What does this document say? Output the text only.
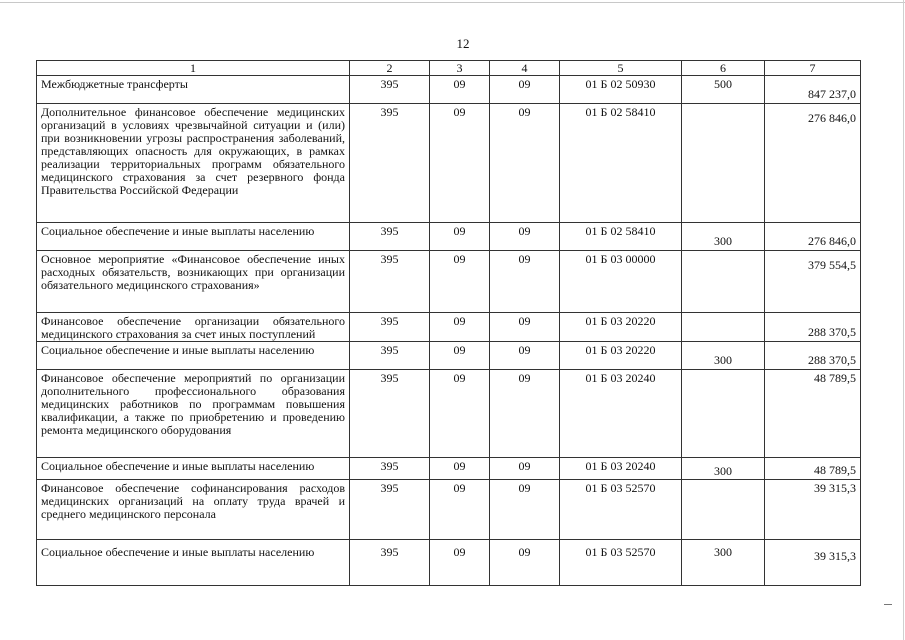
12
1	2	3	4	5	6	7
Межбюджетные трансферты	395	09	09	01 Б 02 50930	500	847 237,0
Дополнительное финансовое обеспечение медицинских организаций в условиях чрезвычайной ситуации и (или) при возникновении угрозы распространения заболеваний, представляющих опасность для окружающих, в рамках реализации территориальных программ обязательного медицинского страхования за счет резервного фонда Правительства Российской Федерации	395	09	09	01 Б 02 58410		276 846,0
Социальное обеспечение и иные выплаты населению	395	09	09	01 Б 02 58410	300	276 846,0
Основное мероприятие «Финансовое обеспечение иных расходных обязательств, возникающих при организации обязательного медицинского страхования»	395	09	09	01 Б 03 00000		379 554,5
Финансовое обеспечение организации обязательного медицинского страхования за счет иных поступлений	395	09	09	01 Б 03 20220		288 370,5
Социальное обеспечение и иные выплаты населению	395	09	09	01 Б 03 20220	300	288 370,5
Финансовое обеспечение мероприятий по организации дополнительного профессионального образования медицинских работников по программам повышения квалификации, а также по приобретению и проведению ремонта медицинского оборудования	395	09	09	01 Б 03 20240		48 789,5
Социальное обеспечение и иные выплаты населению	395	09	09	01 Б 03 20240	300	48 789,5
Финансовое обеспечение софинансирования расходов медицинских организаций на оплату труда врачей и среднего медицинского персонала	395	09	09	01 Б 03 52570		39 315,3
Социальное обеспечение и иные выплаты населению	395	09	09	01 Б 03 52570	300	39 315,3
